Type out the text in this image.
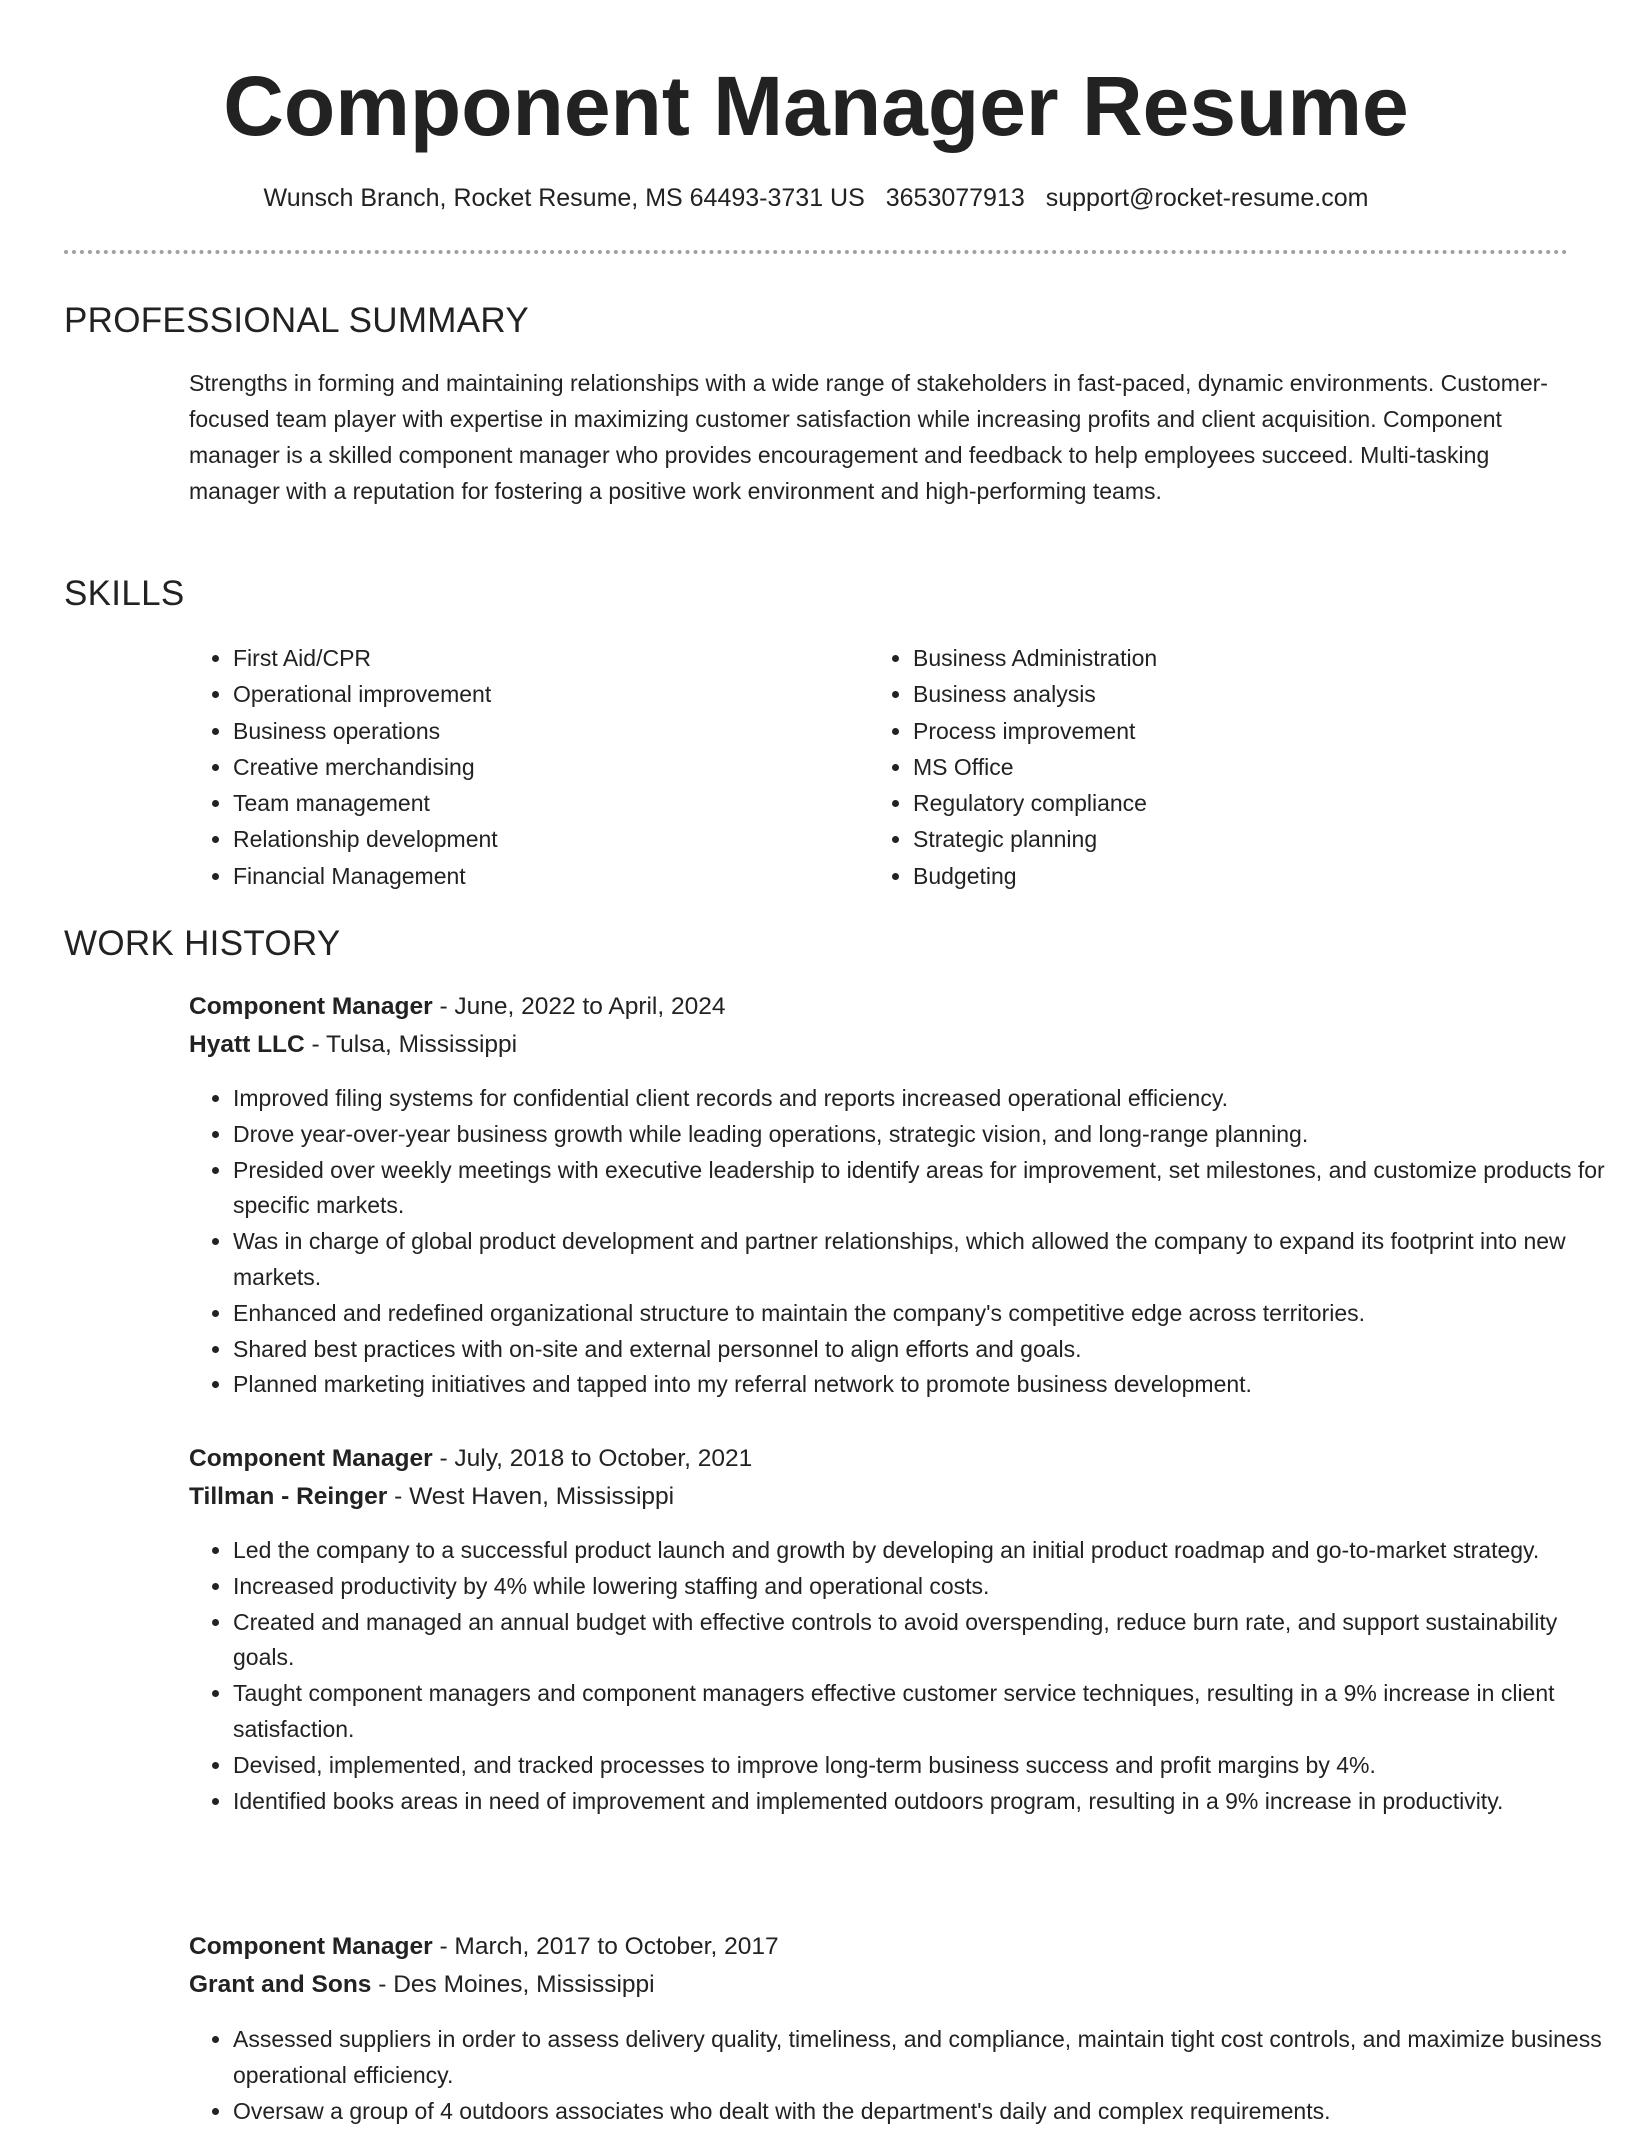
Component Manager Resume
Wunsch Branch, Rocket Resume, MS 64493-3731 US 3653077913 support@rocket-resume.com
PROFESSIONAL SUMMARY

Strengths in forming and maintaining relationships with a wide range of stakeholders in fast-paced, dynamic environments. Customer-focused team player with expertise in maximizing customer satisfaction while increasing profits and client acquisition. Component manager is a skilled component manager who provides encouragement and feedback to help employees succeed. Multi-tasking manager with a reputation for fostering a positive work environment and high-performing teams.

SKILLS
• First Aid/CPR
• Operational improvement
• Business operations
• Creative merchandising
• Team management
• Relationship development
• Financial Management
• Business Administration
• Business analysis
• Process improvement
• MS Office
• Regulatory compliance
• Strategic planning
• Budgeting
WORK HISTORY
Component Manager - June, 2022 to April, 2024
Hyatt LLC - Tulsa, Mississippi
• Improved filing systems for confidential client records and reports increased operational efficiency.
• Drove year-over-year business growth while leading operations, strategic vision, and long-range planning.
• Presided over weekly meetings with executive leadership to identify areas for improvement, set milestones, and customize products for specific markets.
• Was in charge of global product development and partner relationships, which allowed the company to expand its footprint into new markets.
• Enhanced and redefined organizational structure to maintain the company's competitive edge across territories.
• Shared best practices with on-site and external personnel to align efforts and goals.
• Planned marketing initiatives and tapped into my referral network to promote business development.
Component Manager - July, 2018 to October, 2021
Tillman - Reinger - West Haven, Mississippi
• Led the company to a successful product launch and growth by developing an initial product roadmap and go-to-market strategy.
• Increased productivity by 4% while lowering staffing and operational costs.
• Created and managed an annual budget with effective controls to avoid overspending, reduce burn rate, and support sustainability goals.
• Taught component managers and component managers effective customer service techniques, resulting in a 9% increase in client satisfaction.
• Devised, implemented, and tracked processes to improve long-term business success and profit margins by 4%.
• Identified books areas in need of improvement and implemented outdoors program, resulting in a 9% increase in productivity.
Component Manager - March, 2017 to October, 2017
Grant and Sons - Des Moines, Mississippi
• Assessed suppliers in order to assess delivery quality, timeliness, and compliance, maintain tight cost controls, and maximize business operational efficiency.
• Oversaw a group of 4 outdoors associates who dealt with the department's daily and complex requirements.
